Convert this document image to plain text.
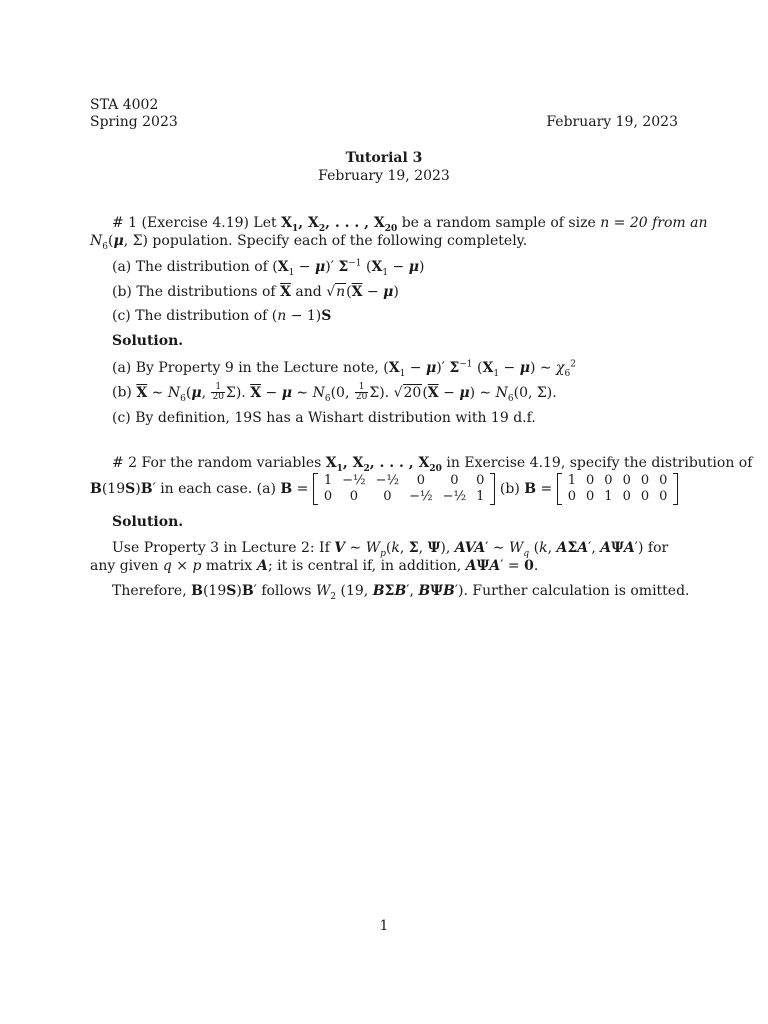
STA 4002
Spring 2023	February 19, 2023
Tutorial 3
February 19, 2023
# 1 (Exercise 4.19) Let $X_1$, $X_2$, . . . , $X_{20}$ be a random sample of size n = 20 from an
$N_6(\mu$, Σ) population. Specify each of the following completely.
(a) The distribution of $(X_1 - \mu)'$ $\Sigma^{-1}$ $(X_1 - \mu)$
(b) The distributions of $\overline{X}$ and $√n(\overline{X} - \mu)$
(c) The distribution of (n − 1)S
Solution.
(a) By Property 9 in the Lecture note, $(X_1 - \mu)'$ $\Sigma^{-1}$ $(X_1 - \mu)$ ∼ $\chi_6^2$
(b) $\overline{X}$ ∼ $N_6(\mu$, $\frac{1}{20} \Sigma$). $\overline{X} - \mu$ ∼ $N_6(0$, $\frac{1}{20} \Sigma$). $√20(\overline{X} - \mu)$ ∼ $N_6(0$, Σ).
(c) By definition, 19S has a Wishart distribution with 19 d.f.
# 2 For the random variables $X_1$, $X_2$, . . . , $X_{20}$ in Exercise 4.19, specify the distribution of
B(19S)B′ in each case. (a) B =
1	−½	−½	0	0	0
0	0	0	−½	−½	1 (b) B =
1	0	0	0	0	0
0	0	1	0	0	0
Solution.
Use Property 3 in Lecture 2: If V ∼ $W_p(k$, Σ, Ψ), AVA′ ∼ $W_q$ (k, AΣA′, AΨA′) for
any given q × p matrix A; it is central if, in addition, AΨA′ = 0.
Therefore, B(19S)B′ follows $W_2$ (19, BΣB′, BΨB′). Further calculation is omitted.
1
